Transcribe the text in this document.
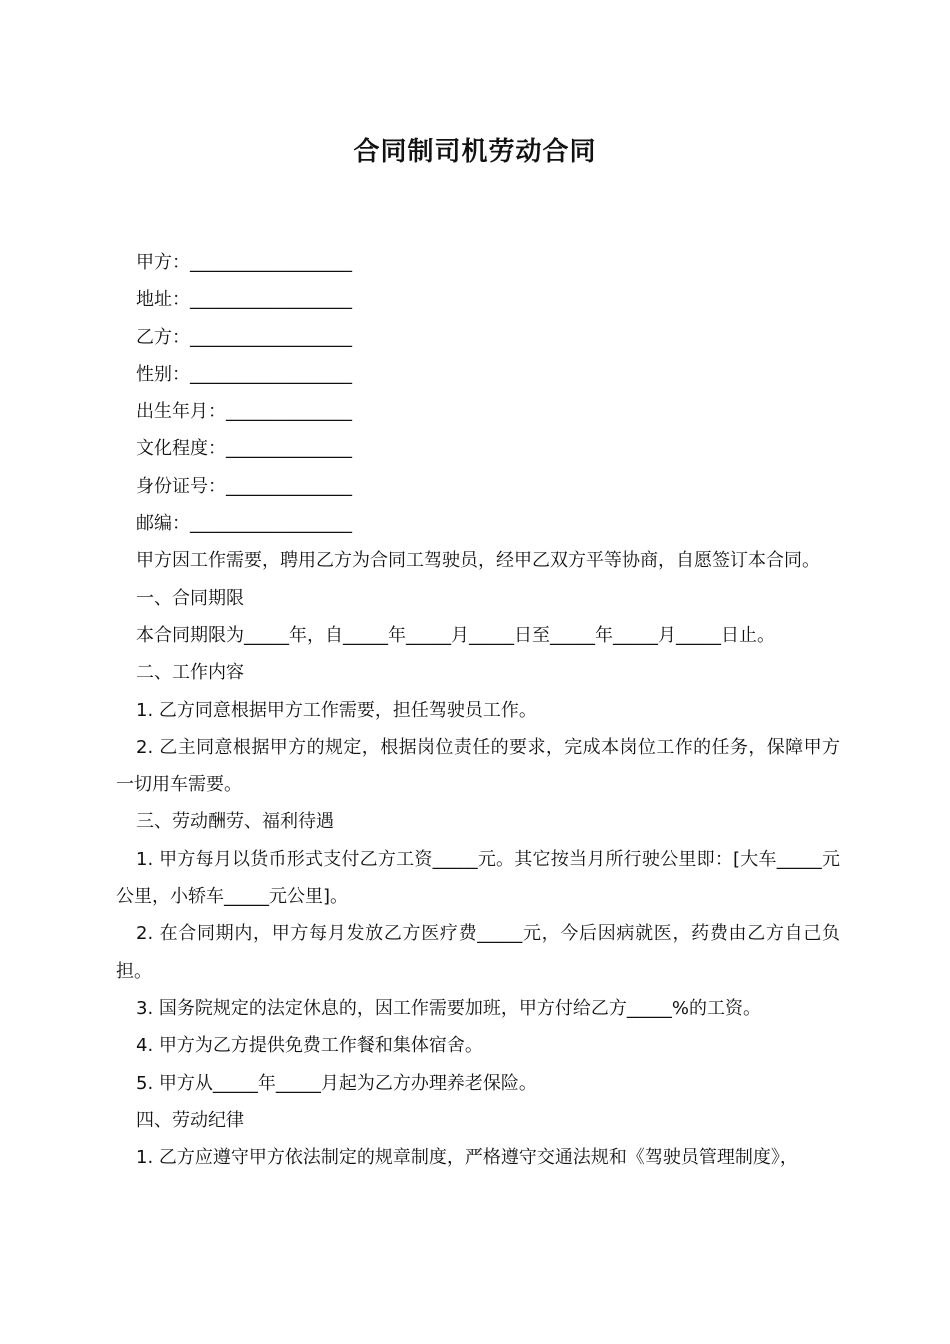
合同制司机劳动合同
甲方：__________________
地址：__________________
乙方：__________________
性别：__________________
出生年月：______________
文化程度：______________
身份证号：______________
邮编：__________________
甲方因工作需要，聘用乙方为合同工驾驶员，经甲乙双方平等协商，自愿签订本合同。
一、合同期限
本合同期限为_____年，自_____年_____月_____日至_____年_____月_____日止。
二、工作内容
1. 乙方同意根据甲方工作需要，担任驾驶员工作。
2. 乙主同意根据甲方的规定，根据岗位责任的要求，完成本岗位工作的任务，保障甲方一切用车需要。
三、劳动酬劳、福利待遇
1. 甲方每月以货币形式支付乙方工资_____元。其它按当月所行驶公里即：[大车_____元公里，小轿车_____元公里]。
2. 在合同期内，甲方每月发放乙方医疗费_____元，今后因病就医，药费由乙方自己负担。
3. 国务院规定的法定休息的，因工作需要加班，甲方付给乙方_____%的工资。
4. 甲方为乙方提供免费工作餐和集体宿舍。
5. 甲方从_____年_____月起为乙方办理养老保险。
四、劳动纪律
1. 乙方应遵守甲方依法制定的规章制度，严格遵守交通法规和《驾驶员管理制度》，
